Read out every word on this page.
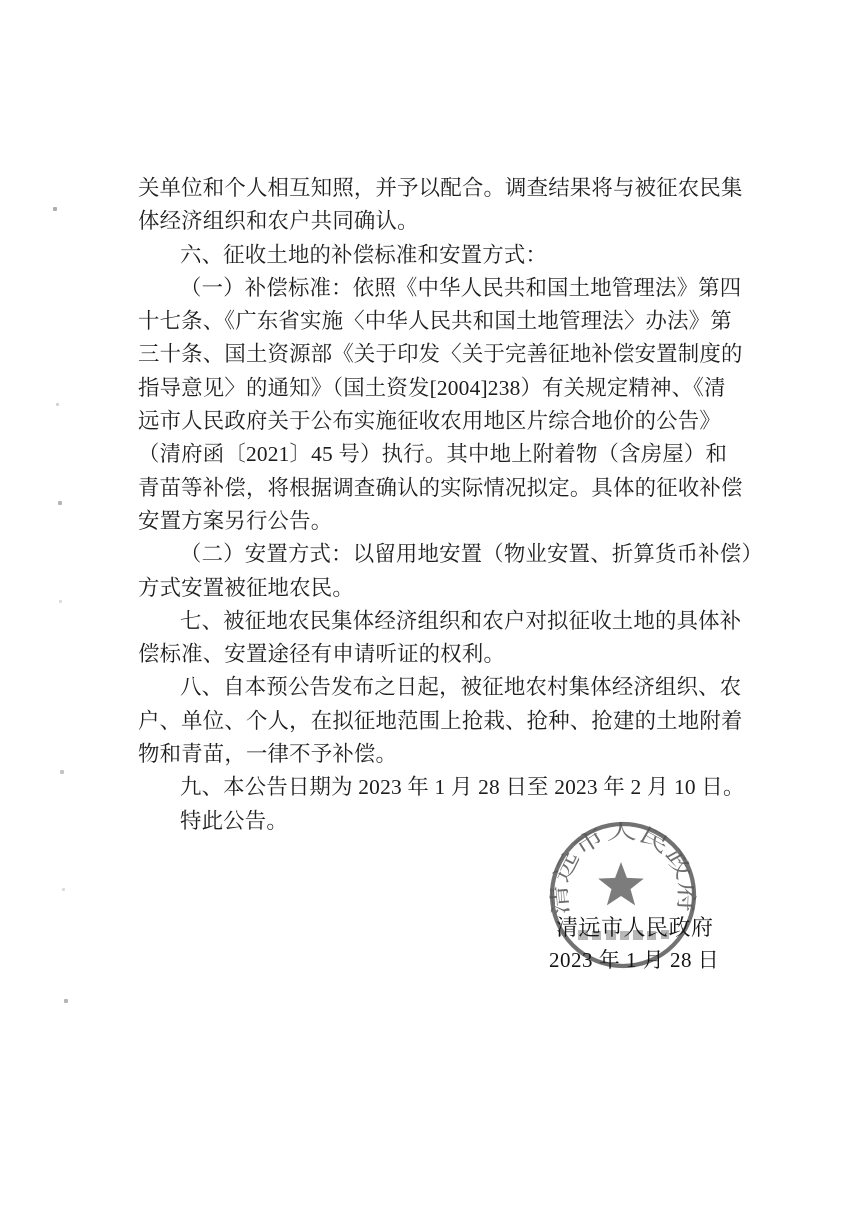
关单位和个人相互知照，并予以配合。调查结果将与被征农民集
体经济组织和农户共同确认。
六、征收土地的补偿标准和安置方式：
（一）补偿标准：依照《中华人民共和国土地管理法》第四
十七条、《广东省实施〈中华人民共和国土地管理法〉办法》第
三十条、国土资源部《关于印发〈关于完善征地补偿安置制度的
指导意见〉的通知》（国土资发[2004]238）有关规定精神、《清
远市人民政府关于公布实施征收农用地区片综合地价的公告》
（清府函〔2021〕45 号）执行。其中地上附着物（含房屋）和
青苗等补偿，将根据调查确认的实际情况拟定。具体的征收补偿
安置方案另行公告。
（二）安置方式：以留用地安置（物业安置、折算货币补偿）
方式安置被征地农民。
七、被征地农民集体经济组织和农户对拟征收土地的具体补
偿标准、安置途径有申请听证的权利。
八、自本预公告发布之日起，被征地农村集体经济组织、农
户、单位、个人，在拟征地范围上抢栽、抢种、抢建的土地附着
物和青苗，一律不予补偿。
九、本公告日期为 2023 年 1 月 28 日至 2023 年 2 月 10 日。
特此公告。
清远市人民政府
清远市人民政府
2023 年 1 月 28 日
